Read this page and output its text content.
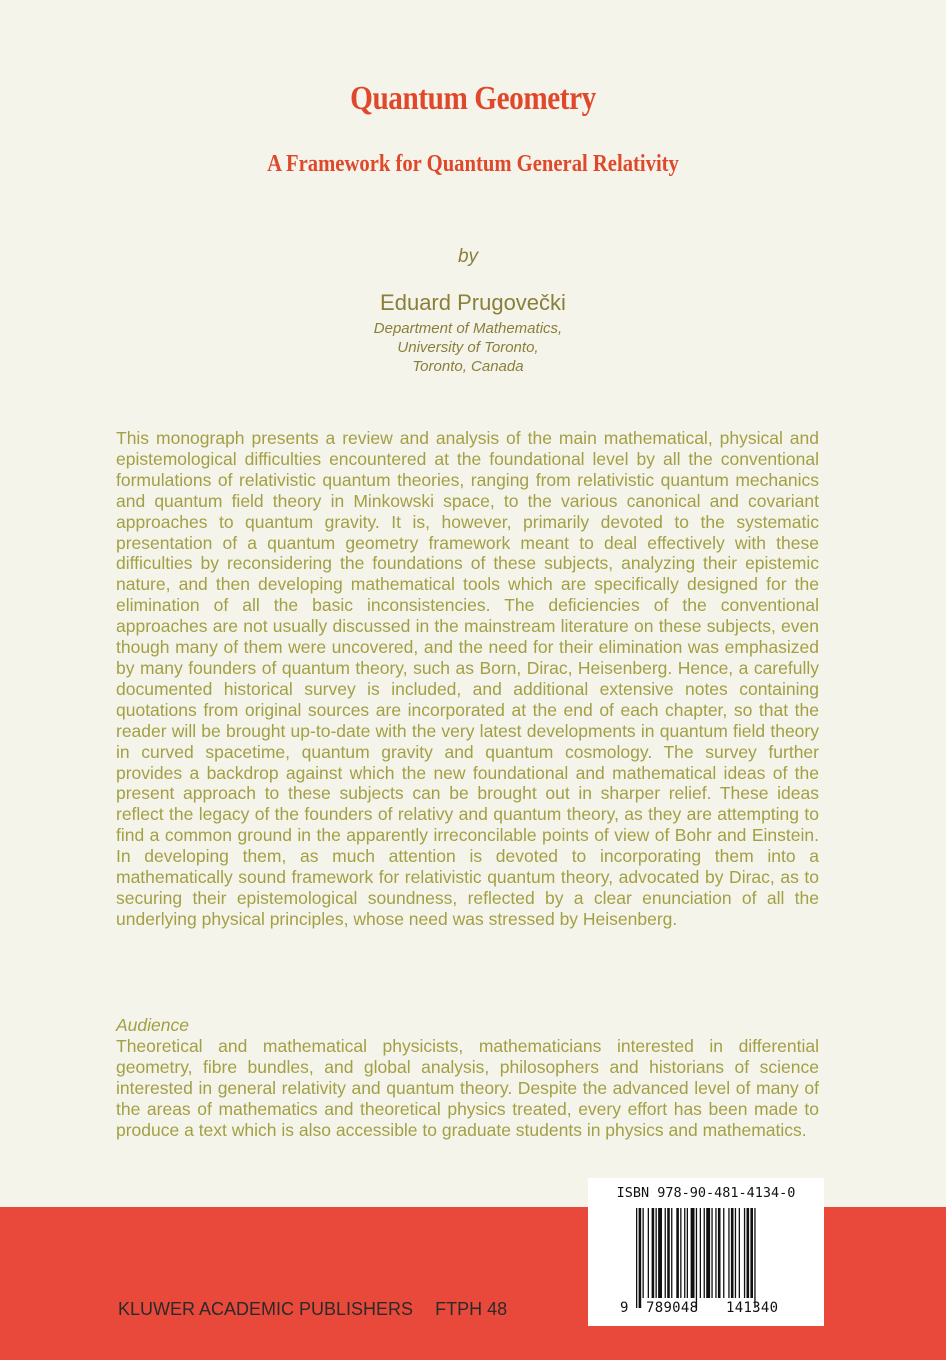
Quantum Geometry
A Framework for Quantum General Relativity
by
Eduard Prugovečki
Department of Mathematics,
University of Toronto,
Toronto, Canada

This monograph presents a review and analysis of the main mathematical, physical and epistemological difficulties encountered at the foundational level by all the conventional formulations of relativistic quantum theories, ranging from relativistic quantum mechanics and quantum field theory in Minkowski space, to the various canonical and covariant approaches to quantum gravity. It is, however, primarily devoted to the systematic presentation of a quantum geometry framework meant to deal effectively with these difficulties by reconsidering the foundations of these subjects, analyzing their epistemic nature, and then developing mathematical tools which are specifically designed for the elimination of all the basic inconsistencies. The deficiencies of the conventional approaches are not usually discussed in the mainstream literature on these subjects, even though many of them were uncovered, and the need for their elimination was emphasized by many founders of quantum theory, such as Born, Dirac, Heisenberg. Hence, a carefully documented historical survey is included, and additional extensive notes containing quotations from original sources are incorporated at the end of each chapter, so that the reader will be brought up-to-date with the very latest developments in quantum field theory in curved spacetime, quantum gravity and quantum cosmology. The survey further provides a backdrop against which the new foundational and mathematical ideas of the present approach to these subjects can be brought out in sharper relief. These ideas reflect the legacy of the founders of relativy and quantum theory, as they are attempting to find a common ground in the apparently irreconcilable points of view of Bohr and Einstein. In developing them, as much attention is devoted to incorporating them into a mathematically sound framework for relativistic quantum theory, advocated by Dirac, as to securing their epistemological soundness, reflected by a clear enunciation of all the underlying physical principles, whose need was stressed by Heisenberg.

Audience

Theoretical and mathematical physicists, mathematicians interested in differential geometry, fibre bundles, and global analysis, philosophers and historians of science interested in general relativity and quantum theory. Despite the advanced level of many of the areas of mathematics and theoretical physics treated, every effort has been made to produce a text which is also accessible to graduate students in physics and mathematics.

KLUWER ACADEMIC PUBLISHERS FTPH 48
ISBN 978-90-481-4134-0
9 789048 141340
